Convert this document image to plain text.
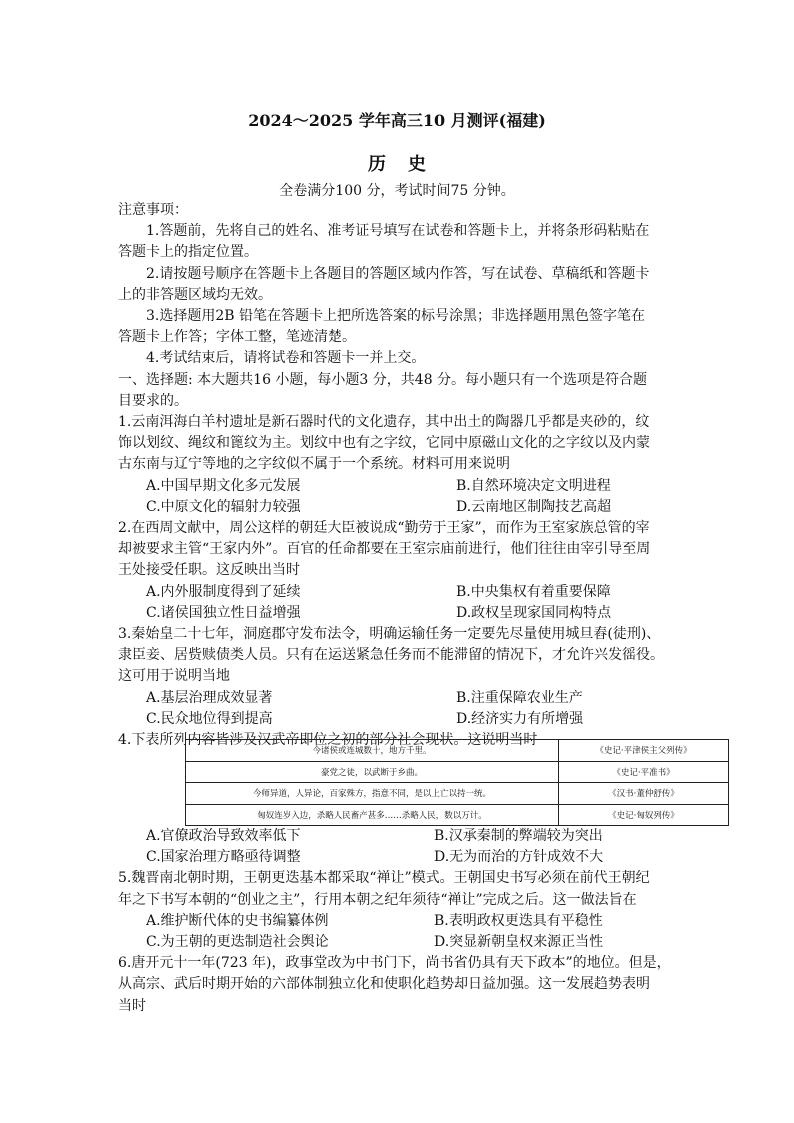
2024～2025 学年高三10 月测评(福建)
历史
全卷满分100 分，考试时间75 分钟。
注意事项：
1.答题前，先将自己的姓名、准考证号填写在试卷和答题卡上，并将条形码粘贴在
答题卡上的指定位置。
2.请按题号顺序在答题卡上各题目的答题区域内作答，写在试卷、草稿纸和答题卡
上的非答题区域均无效。
3.选择题用2B 铅笔在答题卡上把所选答案的标号涂黑；非选择题用黑色签字笔在
答题卡上作答；字体工整，笔迹清楚。
4.考试结束后，请将试卷和答题卡一并上交。
一、选择题: 本大题共16 小题，每小题3 分，共48 分。每小题只有一个选项是符合题
目要求的。
1.云南洱海白羊村遗址是新石器时代的文化遗存，其中出土的陶器几乎都是夹砂的，纹
饰以划纹、绳纹和篦纹为主。划纹中也有之字纹，它同中原磁山文化的之字纹以及内蒙
古东南与辽宁等地的之字纹似不属于一个系统。材料可用来说明
A.中国早期文化多元发展	B.自然环境决定文明进程
C.中原文化的辐射力较强	D.云南地区制陶技艺高超
2.在西周文献中，周公这样的朝廷大臣被说成“勤劳于王家”，而作为王室家族总管的宰
却被要求主管“王家内外”。百官的任命都要在王室宗庙前进行，他们往往由宰引导至周
王处接受任职。这反映出当时
A.内外服制度得到了延续	B.中央集权有着重要保障
C.诸侯国独立性日益增强	D.政权呈现家国同构特点
3.秦始皇二十七年，洞庭郡守发布法令，明确运输任务一定要先尽量使用城旦舂(徒刑)、
隶臣妾、居赀赎债类人员。只有在运送紧急任务而不能滞留的情况下，才允许兴发徭役。
这可用于说明当地
A.基层治理成效显著	B.注重保障农业生产
C.民众地位得到提高	D.经济实力有所增强
4.下表所列内容皆涉及汉武帝即位之初的部分社会现状。这说明当时
今诸侯或连城数十，地方千里。	《史记·平津侯主父列传》
豪党之徒，以武断于乡曲。	《史记·平准书》
今师异道，人异论，百家殊方，指意不同，是以上亡以持一统。	《汉书·董仲舒传》
匈奴连岁入边，杀略人民畜产甚多……杀略人民，数以万计。	《史记·匈奴列传》
A.官僚政治导致效率低下	B.汉承秦制的弊端较为突出
C.国家治理方略亟待调整	D.无为而治的方针成效不大
5.魏晋南北朝时期，王朝更迭基本都采取“禅让”模式。王朝国史书写必须在前代王朝纪
年之下书写本朝的“创业之主”，行用本朝之纪年须待“禅让”完成之后。这一做法旨在
A.维护断代体的史书编纂体例	B.表明政权更迭具有平稳性
C.为王朝的更迭制造社会舆论	D.突显新朝皇权来源正当性
6.唐开元十一年(723 年)，政事堂改为中书门下，尚书省仍具有天下政本”的地位。但是，
从高宗、武后时期开始的六部体制独立化和使职化趋势却日益加强。这一发展趋势表明
当时
